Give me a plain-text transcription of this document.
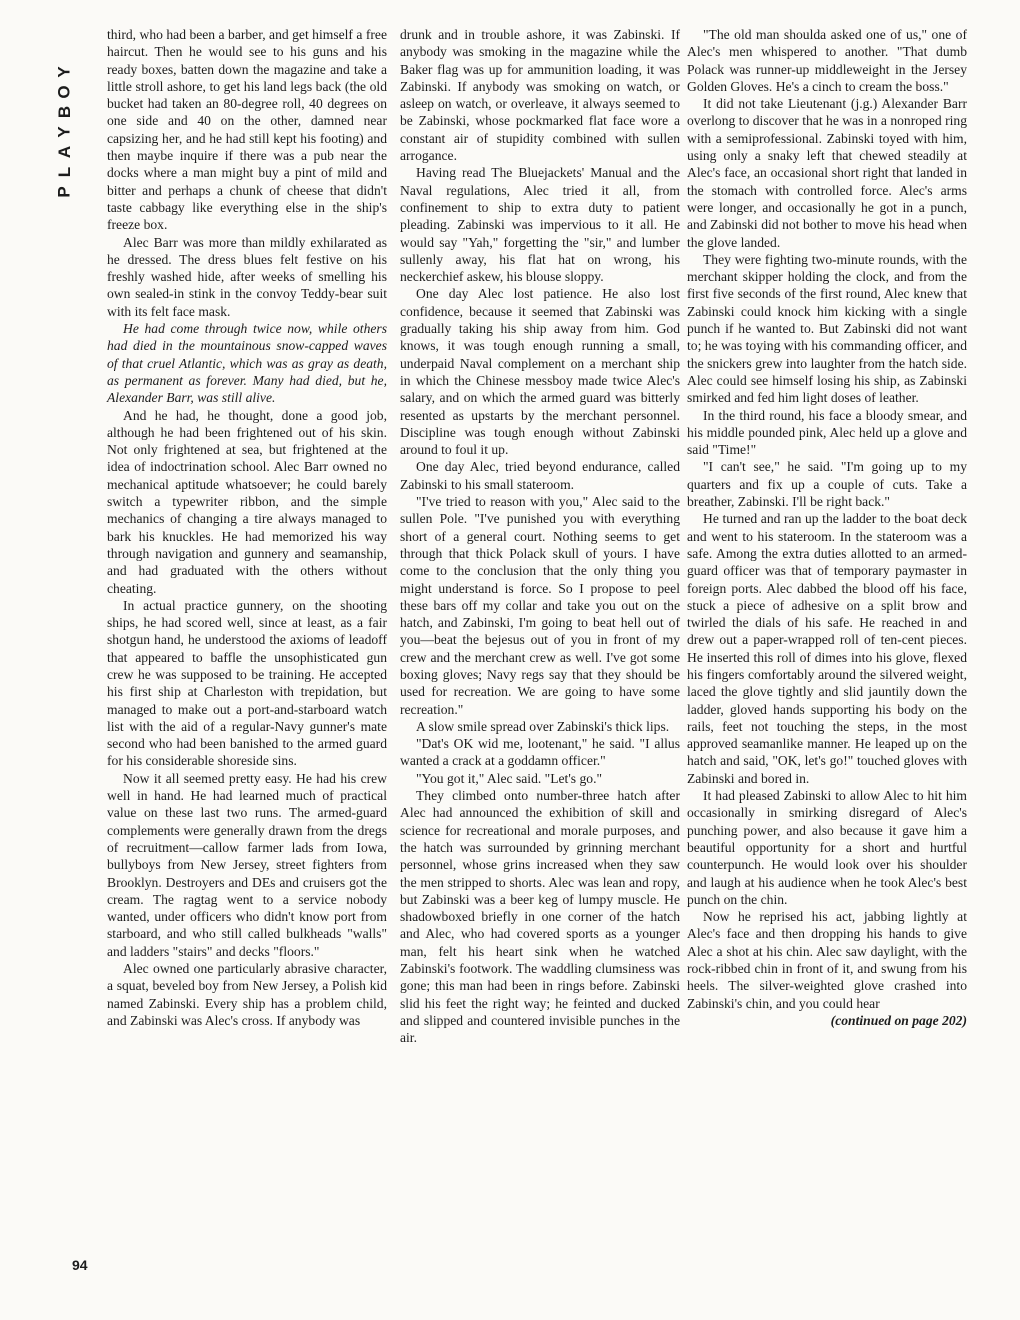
Y
O
B
Y
A
L
P

third, who had been a barber, and get himself a free haircut. Then he would see to his guns and his ready boxes, batten down the magazine and take a little stroll ashore, to get his land legs back (the old bucket had taken an 80-degree roll, 40 degrees on one side and 40 on the other, damned near capsizing her, and he had still kept his footing) and then maybe inquire if there was a pub near the docks where a man might buy a pint of mild and bitter and perhaps a chunk of cheese that didn't taste cabbagy like everything else in the ship's freeze box.

Alec Barr was more than mildly exhilarated as he dressed. The dress blues felt festive on his freshly washed hide, after weeks of smelling his own sealed-in stink in the convoy Teddy-bear suit with its felt face mask.

He had come through twice now, while others had died in the mountainous snow-capped waves of that cruel Atlantic, which was as gray as death, as permanent as forever. Many had died, but he, Alexander Barr, was still alive.

And he had, he thought, done a good job, although he had been frightened out of his skin. Not only frightened at sea, but frightened at the idea of indoctrination school. Alec Barr owned no mechanical aptitude whatsoever; he could barely switch a typewriter ribbon, and the simple mechanics of changing a tire always managed to bark his knuckles. He had memorized his way through navigation and gunnery and seamanship, and had graduated with the others without cheating.

In actual practice gunnery, on the shooting ships, he had scored well, since at least, as a fair shotgun hand, he understood the axioms of leadoff that appeared to baffle the unsophisticated gun crew he was supposed to be training. He accepted his first ship at Charleston with trepidation, but managed to make out a port-and-starboard watch list with the aid of a regular-Navy gunner's mate second who had been banished to the armed guard for his considerable shoreside sins.

Now it all seemed pretty easy. He had his crew well in hand. He had learned much of practical value on these last two runs. The armed-guard complements were generally drawn from the dregs of recruitment—callow farmer lads from Iowa, bullyboys from New Jersey, street fighters from Brooklyn. Destroyers and DEs and cruisers got the cream. The ragtag went to a service nobody wanted, under officers who didn't know port from starboard, and who still called bulkheads "walls" and ladders "stairs" and decks "floors."

Alec owned one particularly abrasive character, a squat, beveled boy from New Jersey, a Polish kid named Zabinski. Every ship has a problem child, and Zabinski was Alec's cross. If anybody was

drunk and in trouble ashore, it was Zabinski. If anybody was smoking in the magazine while the Baker flag was up for ammunition loading, it was Zabinski. If anybody was smoking on watch, or asleep on watch, or overleave, it always seemed to be Zabinski, whose pockmarked flat face wore a constant air of stupidity combined with sullen arrogance.

Having read The Bluejackets' Manual and the Naval regulations, Alec tried it all, from confinement to ship to extra duty to patient pleading. Zabinski was impervious to it all. He would say "Yah," forgetting the "sir," and lumber sullenly away, his flat hat on wrong, his neckerchief askew, his blouse sloppy.

One day Alec lost patience. He also lost confidence, because it seemed that Zabinski was gradually taking his ship away from him. God knows, it was tough enough running a small, underpaid Naval complement on a merchant ship in which the Chinese messboy made twice Alec's salary, and on which the armed guard was bitterly resented as upstarts by the merchant personnel. Discipline was tough enough without Zabinski around to foul it up.

One day Alec, tried beyond endurance, called Zabinski to his small stateroom.

"I've tried to reason with you," Alec said to the sullen Pole. "I've punished you with everything short of a general court. Nothing seems to get through that thick Polack skull of yours. I have come to the conclusion that the only thing you might understand is force. So I propose to peel these bars off my collar and take you out on the hatch, and Zabinski, I'm going to beat hell out of you—beat the bejesus out of you in front of my crew and the merchant crew as well. I've got some boxing gloves; Navy regs say that they should be used for recreation. We are going to have some recreation."

A slow smile spread over Zabinski's thick lips.

"Dat's OK wid me, lootenant," he said. "I allus wanted a crack at a goddamn officer."

"You got it," Alec said. "Let's go."

They climbed onto number-three hatch after Alec had announced the exhibition of skill and science for recreational and morale purposes, and the hatch was surrounded by grinning merchant personnel, whose grins increased when they saw the men stripped to shorts. Alec was lean and ropy, but Zabinski was a beer keg of lumpy muscle. He shadowboxed briefly in one corner of the hatch and Alec, who had covered sports as a younger man, felt his heart sink when he watched Zabinski's footwork. The waddling clumsiness was gone; this man had been in rings before. Zabinski slid his feet the right way; he feinted and ducked and slipped and countered invisible punches in the air.

"The old man shoulda asked one of us," one of Alec's men whispered to another. "That dumb Polack was runner-up middleweight in the Jersey Golden Gloves. He's a cinch to cream the boss."

It did not take Lieutenant (j.g.) Alexander Barr overlong to discover that he was in a nonroped ring with a semiprofessional. Zabinski toyed with him, using only a snaky left that chewed steadily at Alec's face, an occasional short right that landed in the stomach with controlled force. Alec's arms were longer, and occasionally he got in a punch, and Zabinski did not bother to move his head when the glove landed.

They were fighting two-minute rounds, with the merchant skipper holding the clock, and from the first five seconds of the first round, Alec knew that Zabinski could knock him kicking with a single punch if he wanted to. But Zabinski did not want to; he was toying with his commanding officer, and the snickers grew into laughter from the hatch side. Alec could see himself losing his ship, as Zabinski smirked and fed him light doses of leather.

In the third round, his face a bloody smear, and his middle pounded pink, Alec held up a glove and said "Time!"

"I can't see," he said. "I'm going up to my quarters and fix up a couple of cuts. Take a breather, Zabinski. I'll be right back."

He turned and ran up the ladder to the boat deck and went to his stateroom. In the stateroom was a safe. Among the extra duties allotted to an armed-guard officer was that of temporary paymaster in foreign ports. Alec dabbed the blood off his face, stuck a piece of adhesive on a split brow and twirled the dials of his safe. He reached in and drew out a paper-wrapped roll of ten-cent pieces. He inserted this roll of dimes into his glove, flexed his fingers comfortably around the silvered weight, laced the glove tightly and slid jauntily down the ladder, gloved hands supporting his body on the rails, feet not touching the steps, in the most approved seamanlike manner. He leaped up on the hatch and said, "OK, let's go!" touched gloves with Zabinski and bored in.

It had pleased Zabinski to allow Alec to hit him occasionally in smirking disregard of Alec's punching power, and also because it gave him a beautiful opportunity for a short and hurtful counterpunch. He would look over his shoulder and laugh at his audience when he took Alec's best punch on the chin.

Now he reprised his act, jabbing lightly at Alec's face and then dropping his hands to give Alec a shot at his chin. Alec saw daylight, with the rock-ribbed chin in front of it, and swung from his heels. The silver-weighted glove crashed into Zabinski's chin, and you could hear

(continued on page 202)

94
